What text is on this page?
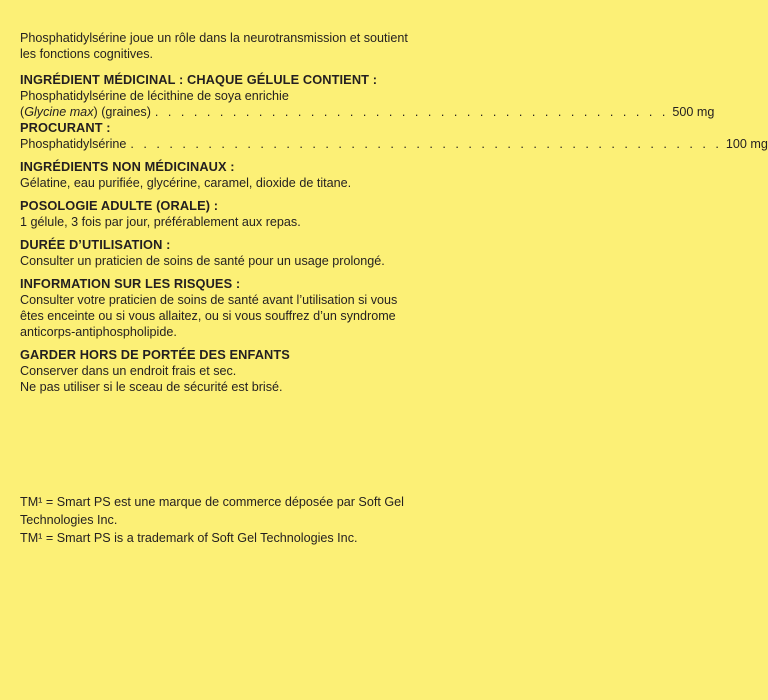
Phosphatidylsérine joue un rôle dans la neurotransmission et soutient les fonctions cognitives.

INGRÉDIENT MÉDICINAL : CHAQUE GÉLULE CONTIENT :

Phosphatidylsérine de lécithine de soya enrichie

(Glycine max) (graines) . . . . . . . . . . . . . . . . . . . . . . . . . . . . . . . . . . . . . . . . 500 mg
PROCURANT :
Phosphatidylsérine . . . . . . . . . . . . . . . . . . . . . . . . . . . . . . . . . . . . . . . . . . . . . . 100 mg
INGRÉDIENTS NON MÉDICINAUX :

Gélatine, eau purifiée, glycérine, caramel, dioxide de titane.

POSOLOGIE ADULTE (ORALE) :

1 gélule, 3 fois par jour, préférablement aux repas.

DURÉE D’UTILISATION :

Consulter un praticien de soins de santé pour un usage prolongé.

INFORMATION SUR LES RISQUES :

Consulter votre praticien de soins de santé avant l’utilisation si vous êtes enceinte ou si vous allaitez, ou si vous souffrez d’un syndrome anticorps-antiphospholipide.

GARDER HORS DE PORTÉE DES ENFANTS

Conserver dans un endroit frais et sec.

Ne pas utiliser si le sceau de sécurité est brisé.

TM¹ = Smart PS est une marque de commerce déposée par Soft Gel Technologies Inc.

TM¹ = Smart PS is a trademark of Soft Gel Technologies Inc.
